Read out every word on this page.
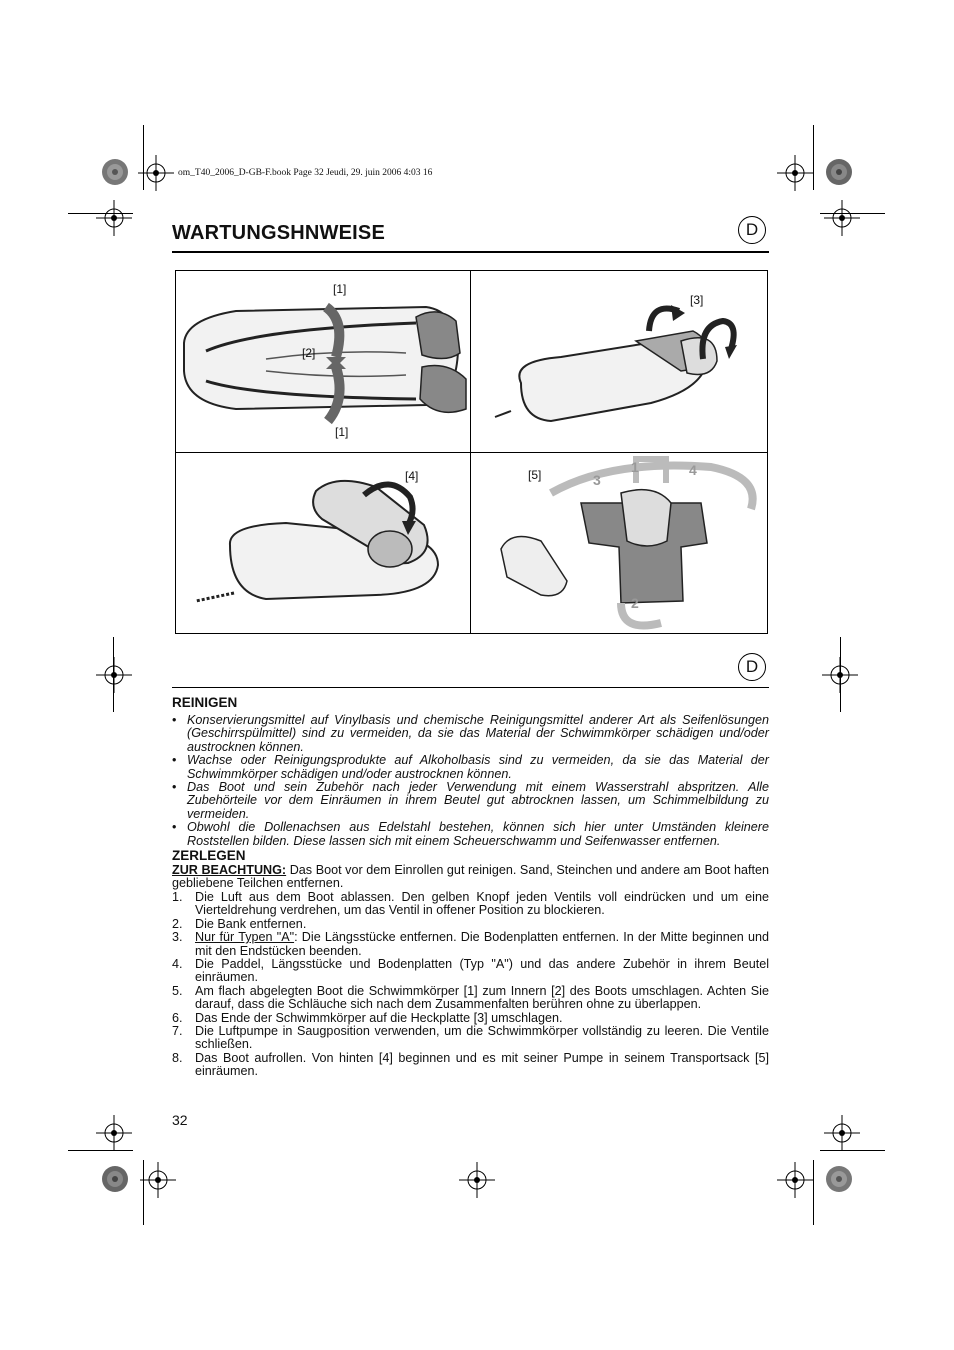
om_T40_2006_D-GB-F.book Page 32 Jeudi, 29. juin 2006 4:03 16
WARTUNGSHNWEISE	D
[1]
[2]
[1]
[3]
[4]	[5]	1
2
3
4
D

REINIGEN

• Konservierungsmittel auf Vinylbasis und chemische Reinigungsmittel anderer Art als Seifenlösungen (Geschirrspülmittel) sind zu vermeiden, da sie das Material der Schwimmkörper schädigen und/oder austrocknen können.
• Wachse oder Reinigungsprodukte auf Alkoholbasis sind zu vermeiden, da sie das Material der Schwimmkörper schädigen und/oder austrocknen können.
• Das Boot und sein Zubehör nach jeder Verwendung mit einem Wasserstrahl abspritzen. Alle Zubehörteile vor dem Einräumen in ihrem Beutel gut abtrocknen lassen, um Schimmelbildung zu vermeiden.
• Obwohl die Dollenachsen aus Edelstahl bestehen, können sich hier unter Umständen kleinere Roststellen bilden. Diese lassen sich mit einem Scheuerschwamm und Seifenwasser entfernen.

ZERLEGEN

ZUR BEACHTUNG: Das Boot vor dem Einrollen gut reinigen. Sand, Steinchen und andere am Boot haften gebliebene Teilchen entfernen.

1. Die Luft aus dem Boot ablassen. Den gelben Knopf jeden Ventils voll eindrücken und um eine Vierteldrehung verdrehen, um das Ventil in offener Position zu blockieren.
2. Die Bank entfernen.
3. Nur für Typen "A": Die Längsstücke entfernen. Die Bodenplatten entfernen. In der Mitte beginnen und mit den Endstücken beenden.
4. Die Paddel, Längsstücke und Bodenplatten (Typ "A") und das andere Zubehör in ihrem Beutel einräumen.
5. Am flach abgelegten Boot die Schwimmkörper [1] zum Innern [2] des Boots umschlagen. Achten Sie darauf, dass die Schläuche sich nach dem Zusammenfalten berühren ohne zu überlappen.
6. Das Ende der Schwimmkörper auf die Heckplatte [3] umschlagen.
7. Die Luftpumpe in Saugposition verwenden, um die Schwimmkörper vollständig zu leeren. Die Ventile schließen.
8. Das Boot aufrollen. Von hinten [4] beginnen und es mit seiner Pumpe in seinem Transportsack [5] einräumen.
32
